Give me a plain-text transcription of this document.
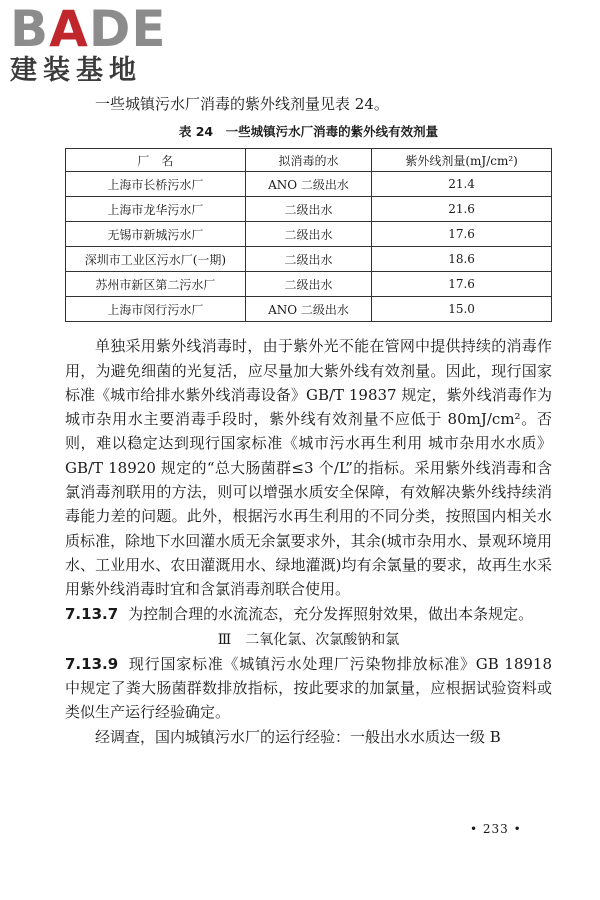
BADE
建装基地

一些城镇污水厂消毒的紫外线剂量见表 24。

表 24　一些城镇污水厂消毒的紫外线有效剂量
厂　名	拟消毒的水	紫外线剂量(mJ/cm²)
上海市长桥污水厂	ANO 二级出水	21.4
上海市龙华污水厂	二级出水	21.6
无锡市新城污水厂	二级出水	17.6
深圳市工业区污水厂(一期)	二级出水	18.6
苏州市新区第二污水厂	二级出水	17.6
上海市闵行污水厂	ANO 二级出水	15.0

单独采用紫外线消毒时，由于紫外光不能在管网中提供持续的消毒作用，为避免细菌的光复活，应尽量加大紫外线有效剂量。因此，现行国家标准《城市给排水紫外线消毒设备》GB/T 19837 规定，紫外线消毒作为城市杂用水主要消毒手段时，紫外线有效剂量不应低于 80mJ/cm²。否则，难以稳定达到现行国家标准《城市污水再生利用 城市杂用水水质》GB/T 18920 规定的“总大肠菌群≤3 个/L”的指标。采用紫外线消毒和含氯消毒剂联用的方法，则可以增强水质安全保障，有效解决紫外线持续消毒能力差的问题。此外，根据污水再生利用的不同分类，按照国内相关水质标准，除地下水回灌水质无余氯要求外，其余(城市杂用水、景观环境用水、工业用水、农田灌溉用水、绿地灌溉)均有余氯量的要求，故再生水采用紫外线消毒时宜和含氯消毒剂联合使用。

7.13.7 为控制合理的水流流态，充分发挥照射效果，做出本条规定。

Ⅲ　二氧化氯、次氯酸钠和氯

7.13.9 现行国家标准《城镇污水处理厂污染物排放标准》GB 18918 中规定了粪大肠菌群数排放指标，按此要求的加氯量，应根据试验资料或类似生产运行经验确定。

经调查，国内城镇污水厂的运行经验：一般出水水质达一级 B

• 233 •
